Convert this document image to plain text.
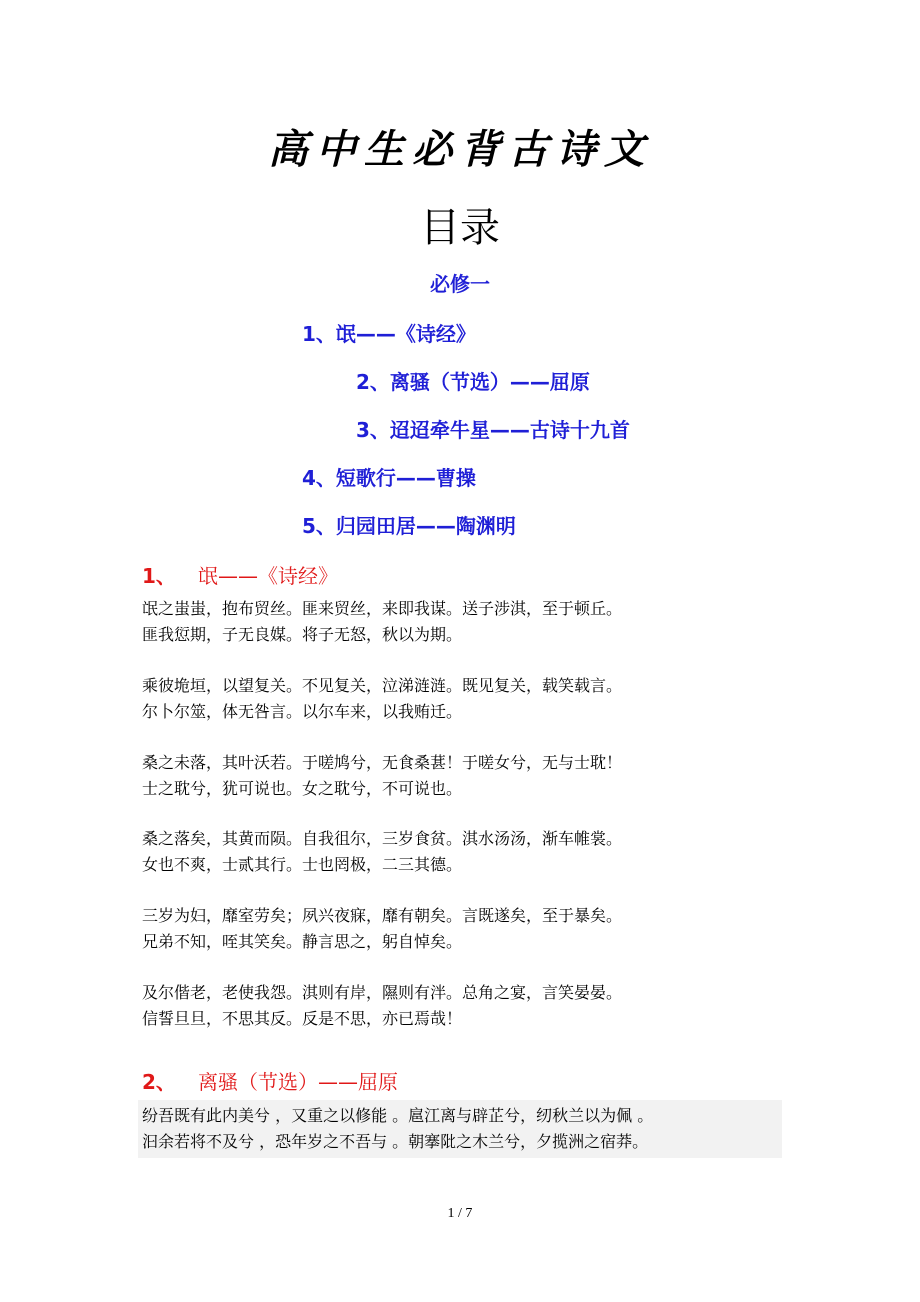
高中生必背古诗文
目录
必修一
1、氓——《诗经》
2、离骚（节选）——屈原
3、迢迢牵牛星——古诗十九首
4、短歌行——曹操
5、归园田居——陶渊明
1、 氓——《诗经》
氓之蚩蚩，抱布贸丝。匪来贸丝，来即我谋。送子涉淇，至于顿丘。
匪我愆期，子无良媒。将子无怒，秋以为期。
乘彼垝垣，以望复关。不见复关，泣涕涟涟。既见复关，载笑载言。
尔卜尔筮，体无咎言。以尔车来，以我贿迁。
桑之未落，其叶沃若。于嗟鸠兮，无食桑葚！于嗟女兮，无与士耽！
士之耽兮，犹可说也。女之耽兮，不可说也。
桑之落矣，其黄而陨。自我徂尔，三岁食贫。淇水汤汤，渐车帷裳。
女也不爽，士贰其行。士也罔极，二三其德。
三岁为妇，靡室劳矣；夙兴夜寐，靡有朝矣。言既遂矣，至于暴矣。
兄弟不知，咥其笑矣。静言思之，躬自悼矣。
及尔偕老，老使我怨。淇则有岸，隰则有泮。总角之宴，言笑晏晏。
信誓旦旦，不思其反。反是不思，亦已焉哉！
2、 离骚（节选）——屈原
纷吾既有此内美兮 ，又重之以修能 。扈江离与辟芷兮，纫秋兰以为佩 。
汩余若将不及兮 ，恐年岁之不吾与 。朝搴阰之木兰兮，夕揽洲之宿莽。
1 / 7
